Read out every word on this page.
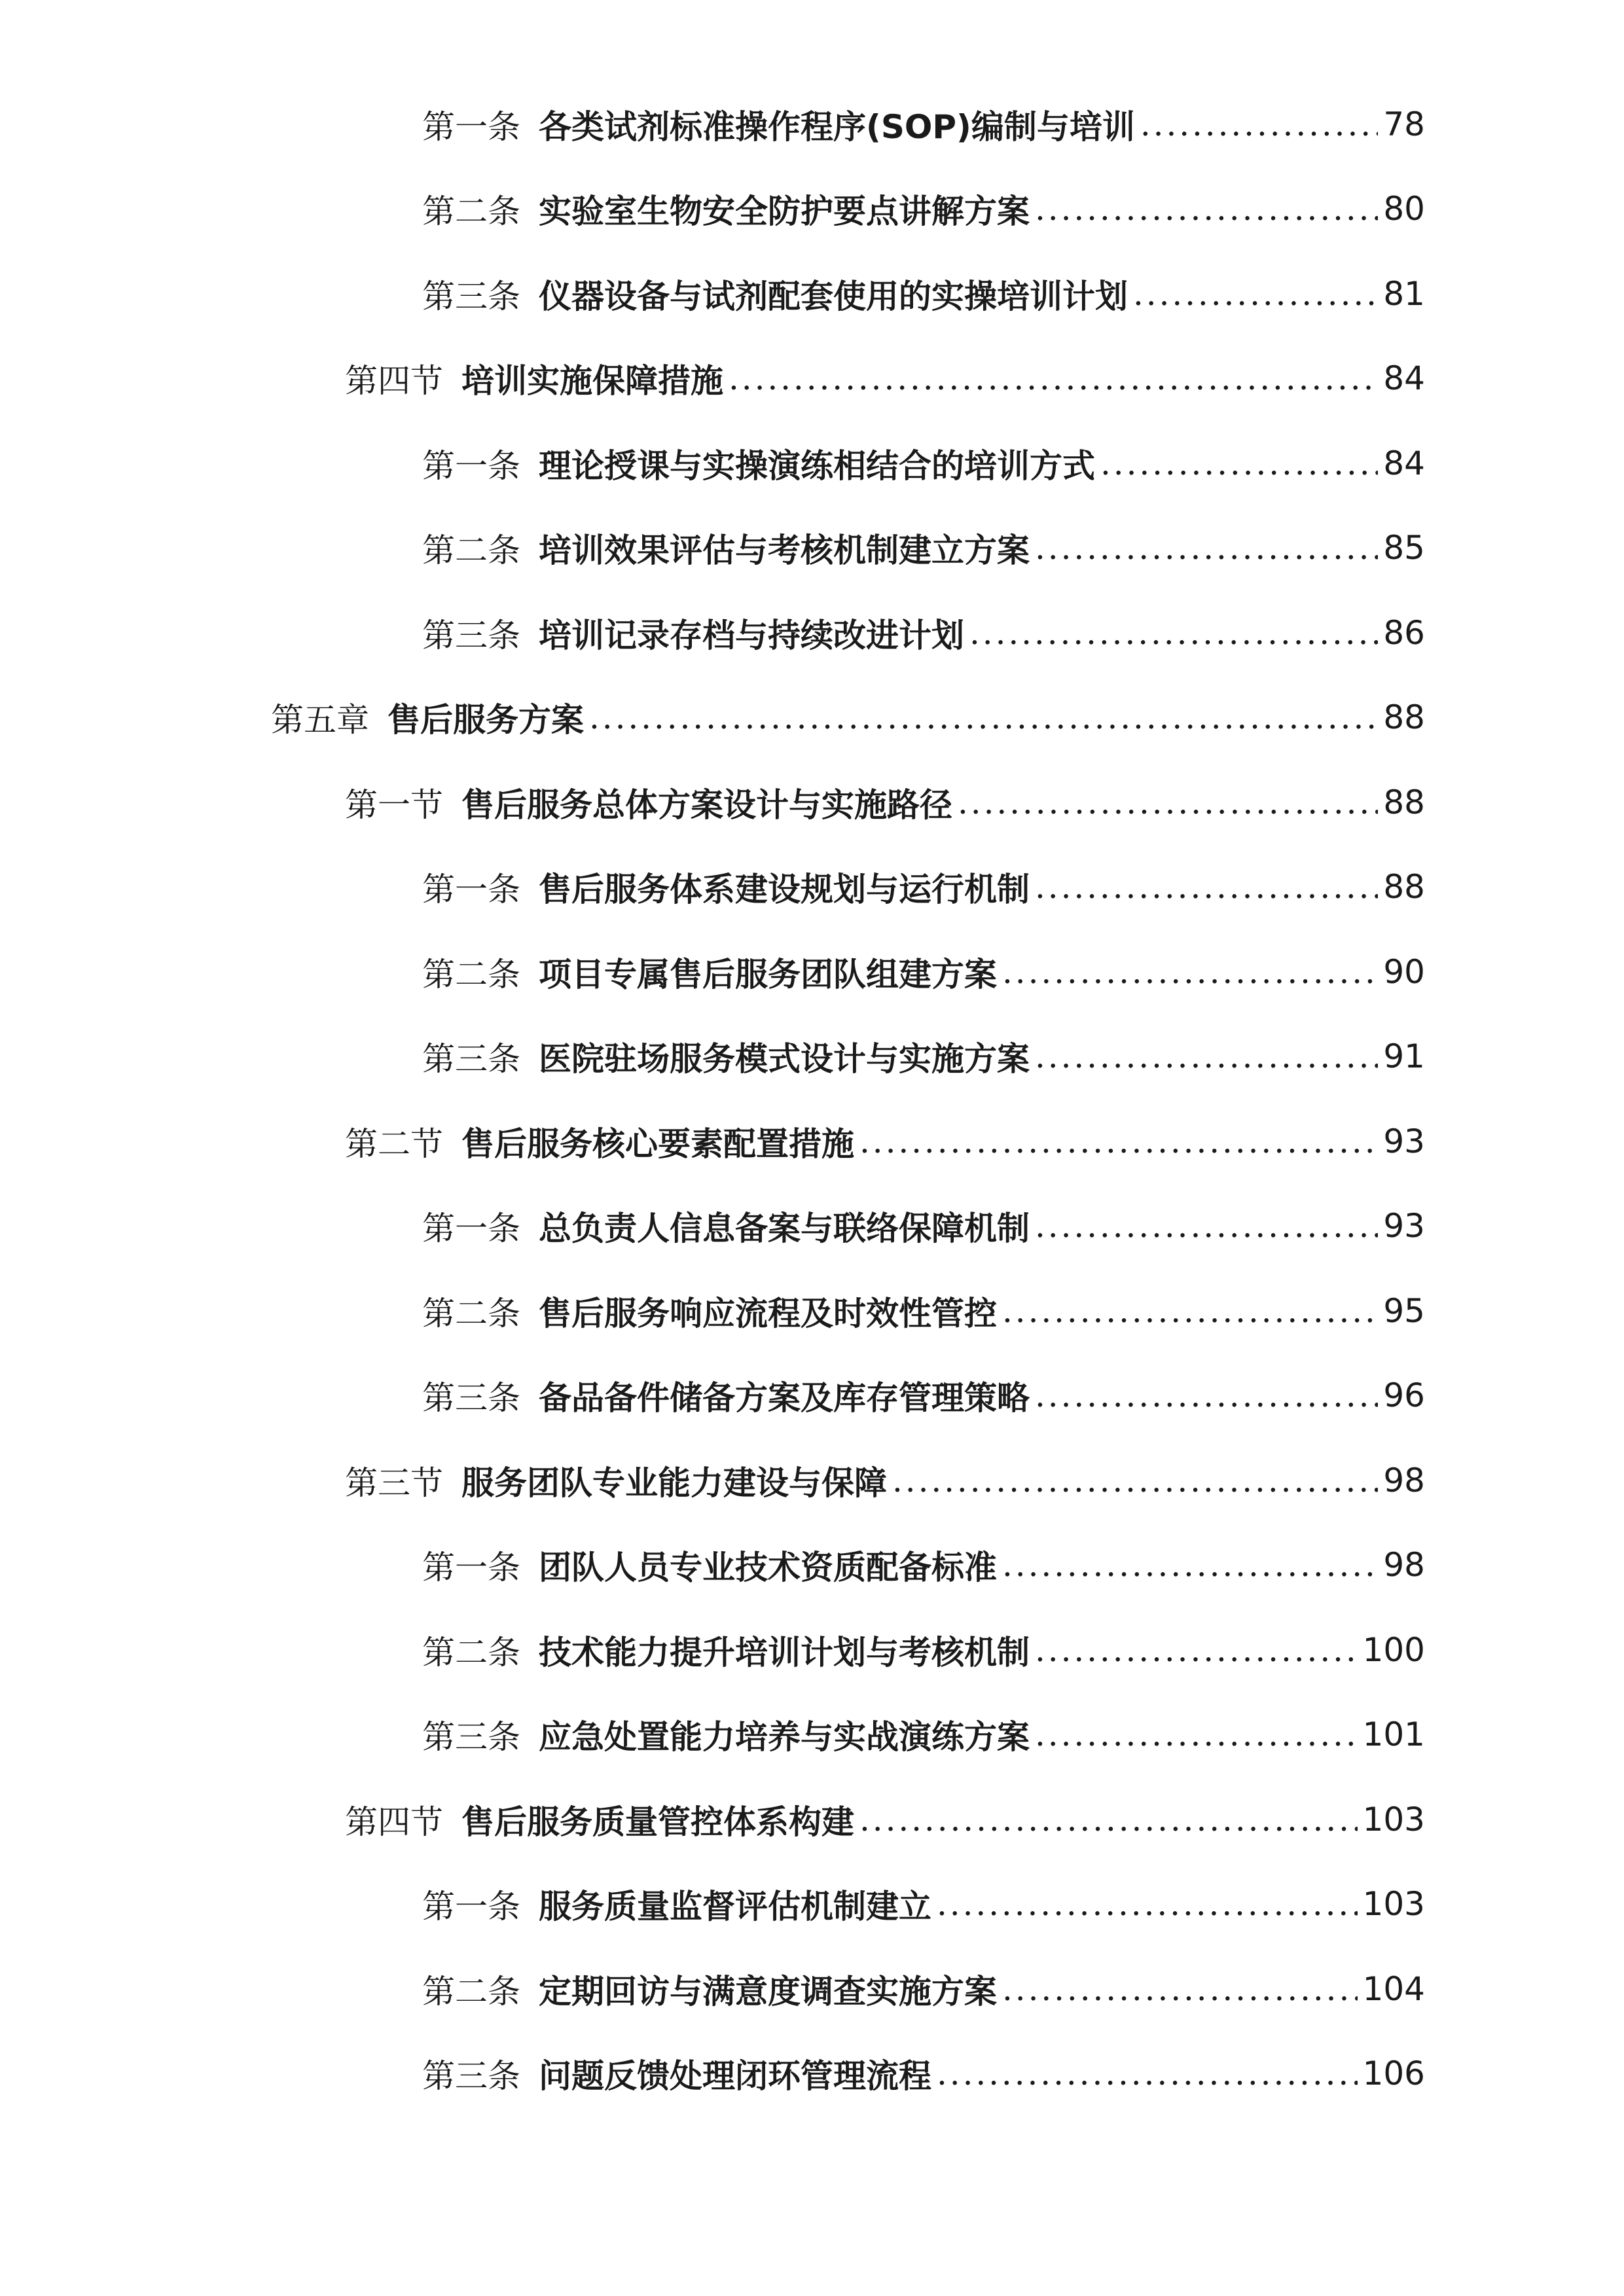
第一条 各类试剂标准操作程序(SOP)编制与培训 . . .	78
第二条 实验室生物安全防护要点讲解方案 . . .	80
第三条 仪器设备与试剂配套使用的实操培训计划 . . .	81
第四节 培训实施保障措施 . . .	84
第一条 理论授课与实操演练相结合的培训方式 . . .	84
第二条 培训效果评估与考核机制建立方案 . . .	85
第三条 培训记录存档与持续改进计划 . . .	86
第五章 售后服务方案 . . .	88
第一节 售后服务总体方案设计与实施路径 . . .	88
第一条 售后服务体系建设规划与运行机制 . . .	88
第二条 项目专属售后服务团队组建方案 . . .	90
第三条 医院驻场服务模式设计与实施方案 . . .	91
第二节 售后服务核心要素配置措施 . . .	93
第一条 总负责人信息备案与联络保障机制 . . .	93
第二条 售后服务响应流程及时效性管控 . . .	95
第三条 备品备件储备方案及库存管理策略 . . .	96
第三节 服务团队专业能力建设与保障 . . .	98
第一条 团队人员专业技术资质配备标准 . . .	98
第二条 技术能力提升培训计划与考核机制 . . .	100
第三条 应急处置能力培养与实战演练方案 . . .	101
第四节 售后服务质量管控体系构建 . . .	103
第一条 服务质量监督评估机制建立 . . .	103
第二条 定期回访与满意度调查实施方案 . . .	104
第三条 问题反馈处理闭环管理流程 . . .	106
